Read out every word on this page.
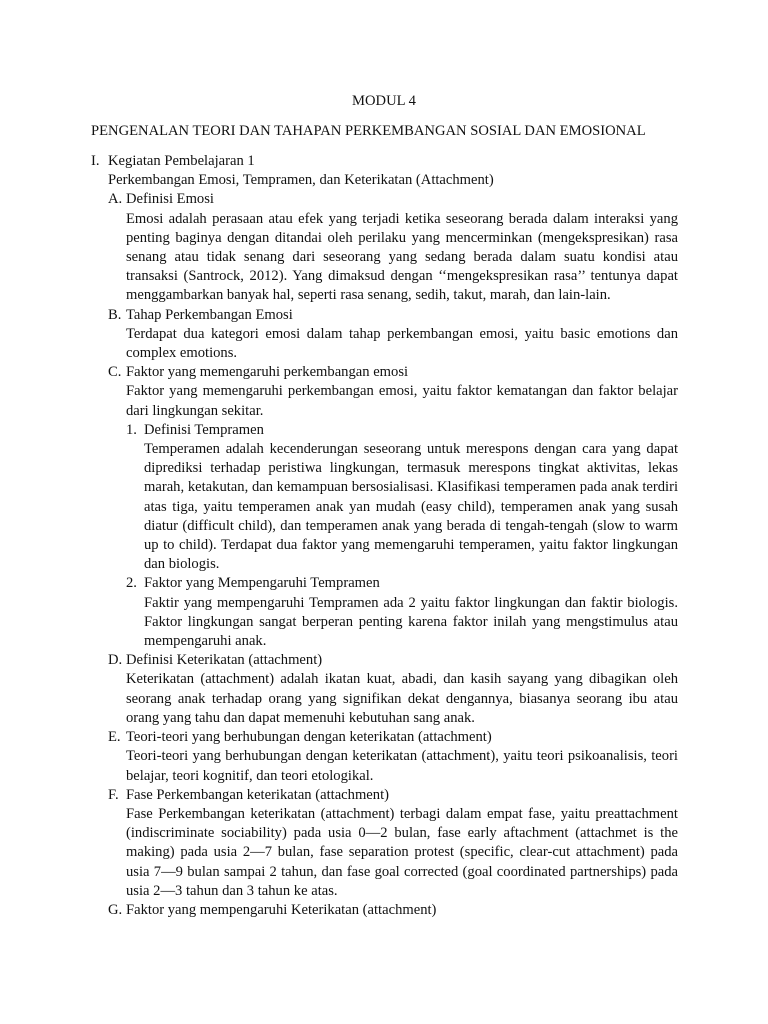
MODUL 4
PENGENALAN TEORI DAN TAHAPAN PERKEMBANGAN SOSIAL DAN EMOSIONAL
I. Kegiatan Pembelajaran 1

Perkembangan Emosi, Tempramen, dan Keterikatan (Attachment)

A. Definisi Emosi

Emosi adalah perasaan atau efek yang terjadi ketika seseorang berada dalam interaksi yang penting baginya dengan ditandai oleh perilaku yang mencerminkan (mengekspresikan) rasa senang atau tidak senang dari seseorang yang sedang berada dalam suatu kondisi atau transaksi (Santrock, 2012). Yang dimaksud dengan ‘‘mengekspresikan rasa’’ tentunya dapat menggambarkan banyak hal, seperti rasa senang, sedih, takut, marah, dan lain-lain.

B. Tahap Perkembangan Emosi

Terdapat dua kategori emosi dalam tahap perkembangan emosi, yaitu basic emotions dan complex emotions.

C. Faktor yang memengaruhi perkembangan emosi

Faktor yang memengaruhi perkembangan emosi, yaitu faktor kematangan dan faktor belajar dari lingkungan sekitar.

1. Definisi Tempramen

Temperamen adalah kecenderungan seseorang untuk merespons dengan cara yang dapat diprediksi terhadap peristiwa lingkungan, termasuk merespons tingkat aktivitas, lekas marah, ketakutan, dan kemampuan bersosialisasi. Klasifikasi temperamen pada anak terdiri atas tiga, yaitu temperamen anak yan mudah (easy child), temperamen anak yang susah diatur (difficult child), dan temperamen anak yang berada di tengah-tengah (slow to warm up to child). Terdapat dua faktor yang memengaruhi temperamen, yaitu faktor lingkungan dan biologis.

2. Faktor yang Mempengaruhi Tempramen

Faktir yang mempengaruhi Tempramen ada 2 yaitu faktor lingkungan dan faktir biologis. Faktor lingkungan sangat berperan penting karena faktor inilah yang mengstimulus atau mempengaruhi anak.

D. Definisi Keterikatan (attachment)

Keterikatan (attachment) adalah ikatan kuat, abadi, dan kasih sayang yang dibagikan oleh seorang anak terhadap orang yang signifikan dekat dengannya, biasanya seorang ibu atau orang yang tahu dan dapat memenuhi kebutuhan sang anak.

E. Teori-teori yang berhubungan dengan keterikatan (attachment)

Teori-teori yang berhubungan dengan keterikatan (attachment), yaitu teori psikoanalisis, teori belajar, teori kognitif, dan teori etologikal.

F. Fase Perkembangan keterikatan (attachment)

Fase Perkembangan keterikatan (attachment) terbagi dalam empat fase, yaitu preattachment (indiscriminate sociability) pada usia 0—2 bulan, fase early aftachment (attachmet is the making) pada usia 2—7 bulan, fase separation protest (specific, clear-cut attachment) pada usia 7—9 bulan sampai 2 tahun, dan fase goal corrected (goal coordinated partnerships) pada usia 2—3 tahun dan 3 tahun ke atas.

G. Faktor yang mempengaruhi Keterikatan (attachment)
